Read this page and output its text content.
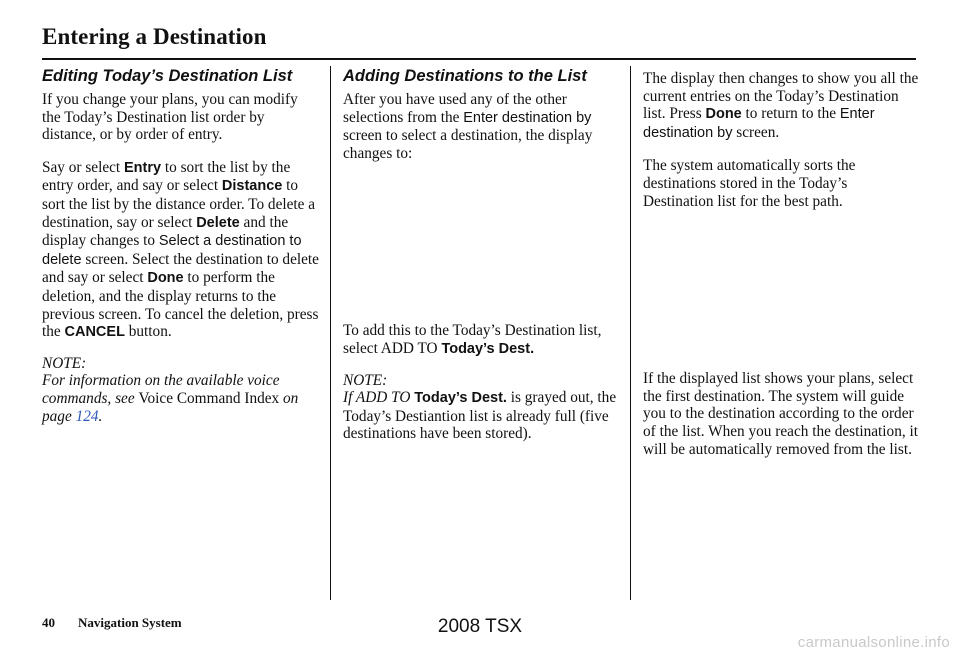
Entering a Destination
Editing Today’s Destination List

If you change your plans, you can modify the Today’s Destination list order by distance, or by order of entry.

Say or select Entry to sort the list by the entry order, and say or select Distance to sort the list by the distance order. To delete a destination, say or select Delete and the display changes to Select a destination to delete screen. Select the destination to delete and say or select Done to perform the deletion, and the display returns to the previous screen. To cancel the deletion, press the CANCEL button.

NOTE:

For information on the available voice commands, see Voice Command Index on page 124.

Adding Destinations to the List

After you have used any of the other selections from the Enter destination by screen to select a destination, the display changes to:

To add this to the Today’s Destination list, select ADD TO Today’s Dest.

NOTE:

If ADD TO Today’s Dest. is grayed out, the Today’s Destiantion list is already full (five destinations have been stored).

The display then changes to show you all the current entries on the Today’s Destination list. Press Done to return to the Enter destination by screen.

The system automatically sorts the destinations stored in the Today’s Destination list for the best path.

If the displayed list shows your plans, select the first destination. The system will guide you to the destination according to the order of the list. When you reach the destination, it will be automatically removed from the list.

40 Navigation System	2008 TSX
carmanualsonline.info
